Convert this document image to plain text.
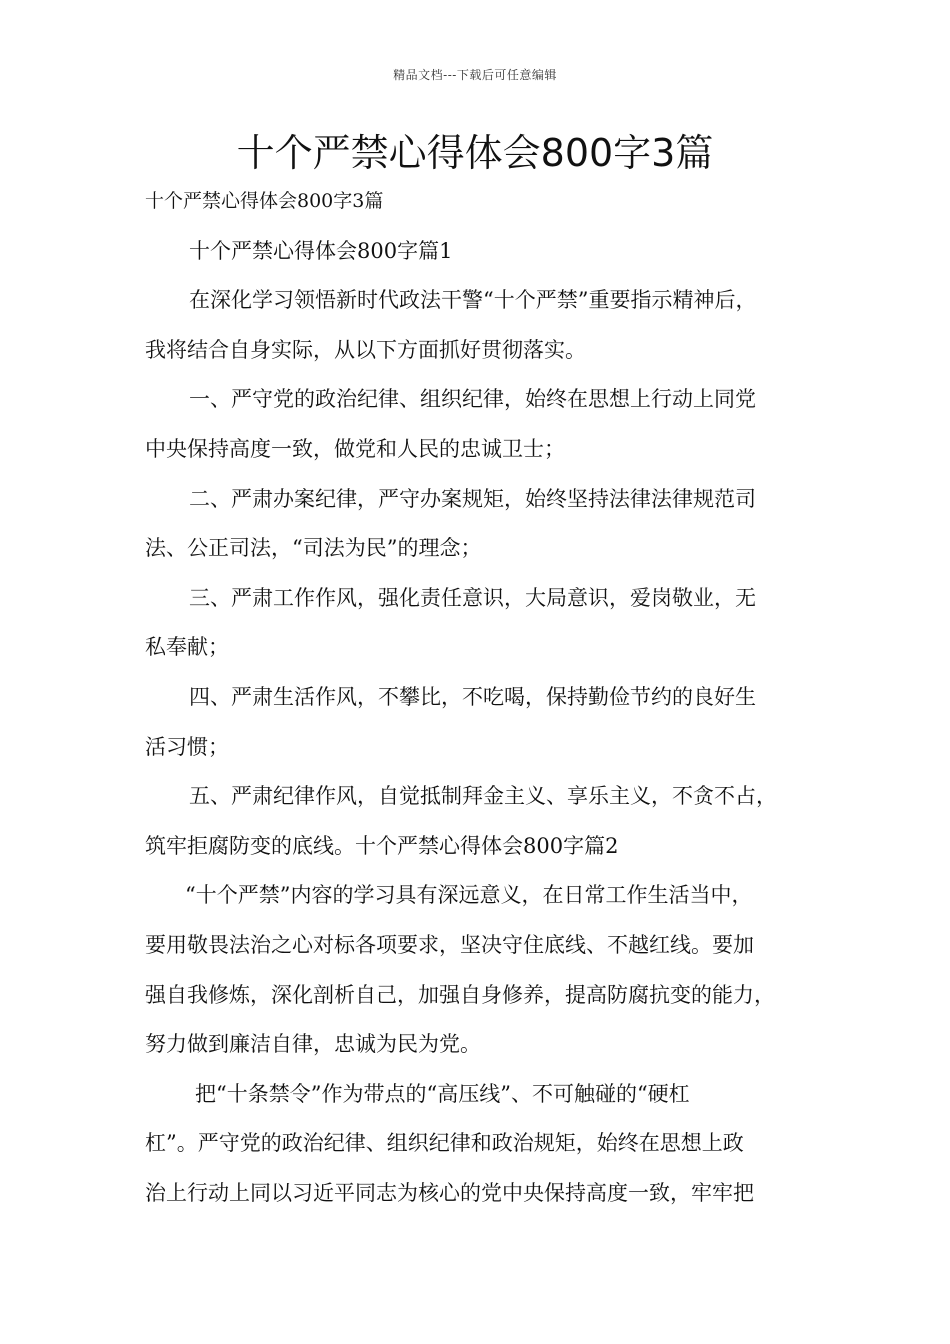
精品文档---下载后可任意编辑
十个严禁心得体会800字3篇
十个严禁心得体会800字3篇
十个严禁心得体会800字篇1
在深化学习领悟新时代政法干警“十个严禁”重要指示精神后，
我将结合自身实际，从以下方面抓好贯彻落实。
一、严守党的政治纪律、组织纪律，始终在思想上行动上同党
中央保持高度一致，做党和人民的忠诚卫士；
二、严肃办案纪律，严守办案规矩，始终坚持法律法律规范司
法、公正司法，“司法为民”的理念；
三、严肃工作作风，强化责任意识，大局意识，爱岗敬业，无
私奉献；
四、严肃生活作风，不攀比，不吃喝，保持勤俭节约的良好生
活习惯；
五、严肃纪律作风，自觉抵制拜金主义、享乐主义，不贪不占，
筑牢拒腐防变的底线。十个严禁心得体会800字篇2
“十个严禁”内容的学习具有深远意义，在日常工作生活当中，
要用敬畏法治之心对标各项要求，坚决守住底线、不越红线。要加
强自我修炼，深化剖析自己，加强自身修养，提高防腐抗变的能力，
努力做到廉洁自律，忠诚为民为党。
把“十条禁令”作为带点的“高压线”、不可触碰的“硬杠
杠”。严守党的政治纪律、组织纪律和政治规矩，始终在思想上政
治上行动上同以习近平同志为核心的党中央保持高度一致，牢牢把
